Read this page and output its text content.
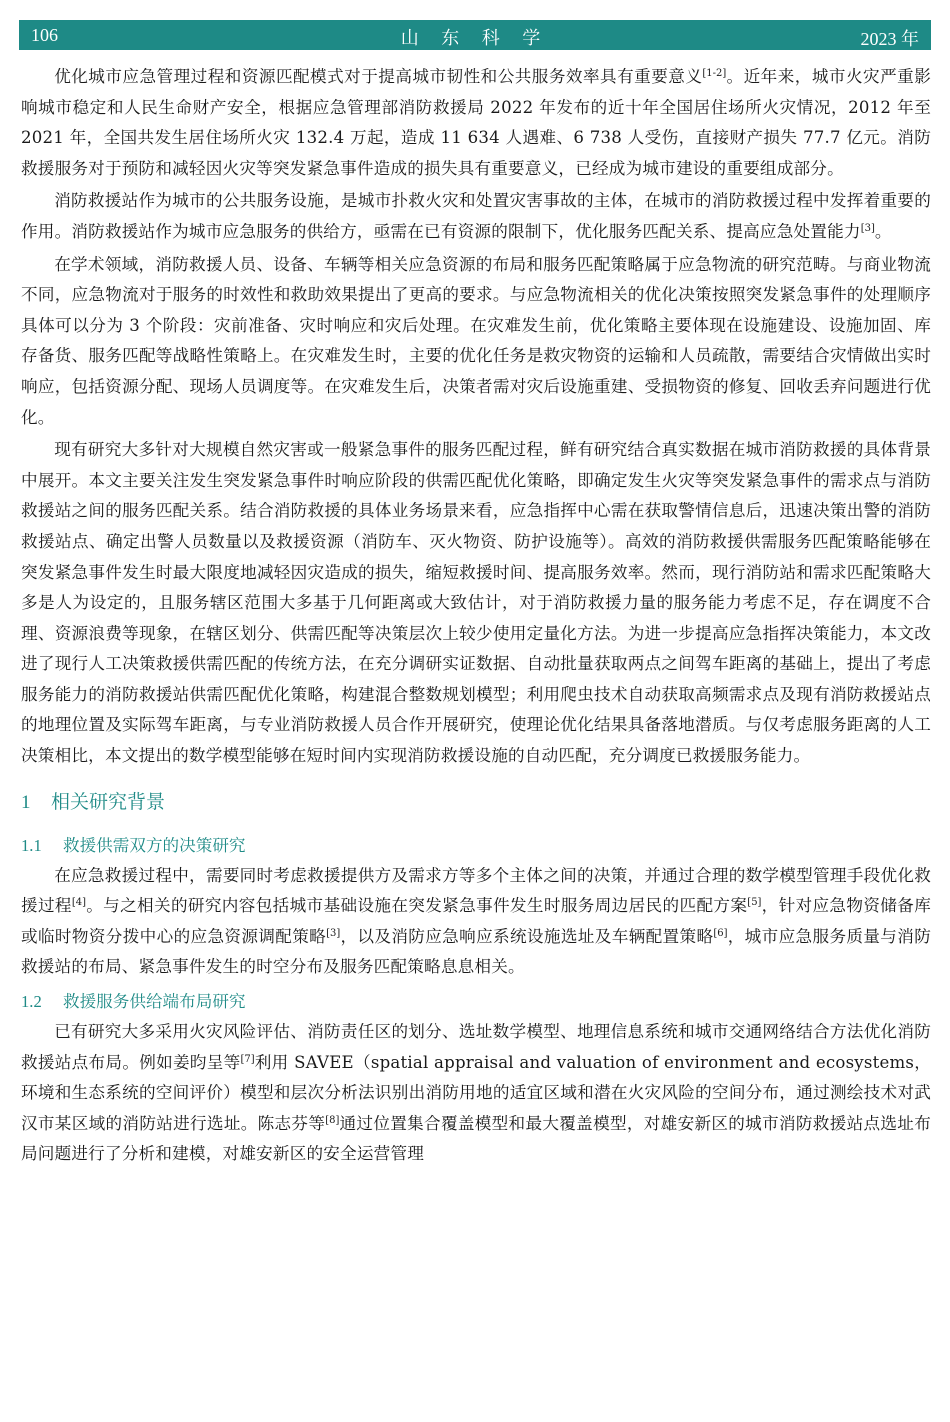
106	山 东 科 学	2023 年

优化城市应急管理过程和资源匹配模式对于提高城市韧性和公共服务效率具有重要意义[1-2]。近年来，城市火灾严重影响城市稳定和人民生命财产安全，根据应急管理部消防救援局 2022 年发布的近十年全国居住场所火灾情况，2012 年至 2021 年，全国共发生居住场所火灾 132.4 万起，造成 11 634 人遇难、6 738 人受伤，直接财产损失 77.7 亿元。消防救援服务对于预防和减轻因火灾等突发紧急事件造成的损失具有重要意义，已经成为城市建设的重要组成部分。

消防救援站作为城市的公共服务设施，是城市扑救火灾和处置灾害事故的主体，在城市的消防救援过程中发挥着重要的作用。消防救援站作为城市应急服务的供给方，亟需在已有资源的限制下，优化服务匹配关系、提高应急处置能力[3]。

在学术领域，消防救援人员、设备、车辆等相关应急资源的布局和服务匹配策略属于应急物流的研究范畴。与商业物流不同，应急物流对于服务的时效性和救助效果提出了更高的要求。与应急物流相关的优化决策按照突发紧急事件的处理顺序具体可以分为 3 个阶段：灾前准备、灾时响应和灾后处理。在灾难发生前，优化策略主要体现在设施建设、设施加固、库存备货、服务匹配等战略性策略上。在灾难发生时，主要的优化任务是救灾物资的运输和人员疏散，需要结合灾情做出实时响应，包括资源分配、现场人员调度等。在灾难发生后，决策者需对灾后设施重建、受损物资的修复、回收丢弃问题进行优化。

现有研究大多针对大规模自然灾害或一般紧急事件的服务匹配过程，鲜有研究结合真实数据在城市消防救援的具体背景中展开。本文主要关注发生突发紧急事件时响应阶段的供需匹配优化策略，即确定发生火灾等突发紧急事件的需求点与消防救援站之间的服务匹配关系。结合消防救援的具体业务场景来看，应急指挥中心需在获取警情信息后，迅速决策出警的消防救援站点、确定出警人员数量以及救援资源（消防车、灭火物资、防护设施等）。高效的消防救援供需服务匹配策略能够在突发紧急事件发生时最大限度地减轻因灾造成的损失，缩短救援时间、提高服务效率。然而，现行消防站和需求匹配策略大多是人为设定的，且服务辖区范围大多基于几何距离或大致估计，对于消防救援力量的服务能力考虑不足，存在调度不合理、资源浪费等现象，在辖区划分、供需匹配等决策层次上较少使用定量化方法。为进一步提高应急指挥决策能力，本文改进了现行人工决策救援供需匹配的传统方法，在充分调研实证数据、自动批量获取两点之间驾车距离的基础上，提出了考虑服务能力的消防救援站供需匹配优化策略，构建混合整数规划模型；利用爬虫技术自动获取高频需求点及现有消防救援站点的地理位置及实际驾车距离，与专业消防救援人员合作开展研究，使理论优化结果具备落地潜质。与仅考虑服务距离的人工决策相比，本文提出的数学模型能够在短时间内实现消防救援设施的自动匹配，充分调度已救援服务能力。

1 相关研究背景
1.1 救援供需双方的决策研究

在应急救援过程中，需要同时考虑救援提供方及需求方等多个主体之间的决策，并通过合理的数学模型管理手段优化救援过程[4]。与之相关的研究内容包括城市基础设施在突发紧急事件发生时服务周边居民的匹配方案[5]，针对应急物资储备库或临时物资分拨中心的应急资源调配策略[3]，以及消防应急响应系统设施选址及车辆配置策略[6]，城市应急服务质量与消防救援站的布局、紧急事件发生的时空分布及服务匹配策略息息相关。

1.2 救援服务供给端布局研究

已有研究大多采用火灾风险评估、消防责任区的划分、选址数学模型、地理信息系统和城市交通网络结合方法优化消防救援站点布局。例如姜昀呈等[7]利用 SAVEE（spatial appraisal and valuation of environment and ecosystems，环境和生态系统的空间评价）模型和层次分析法识别出消防用地的适宜区域和潜在火灾风险的空间分布，通过测绘技术对武汉市某区域的消防站进行选址。陈志芬等[8]通过位置集合覆盖模型和最大覆盖模型，对雄安新区的城市消防救援站点选址布局问题进行了分析和建模，对雄安新区的安全运营管理
